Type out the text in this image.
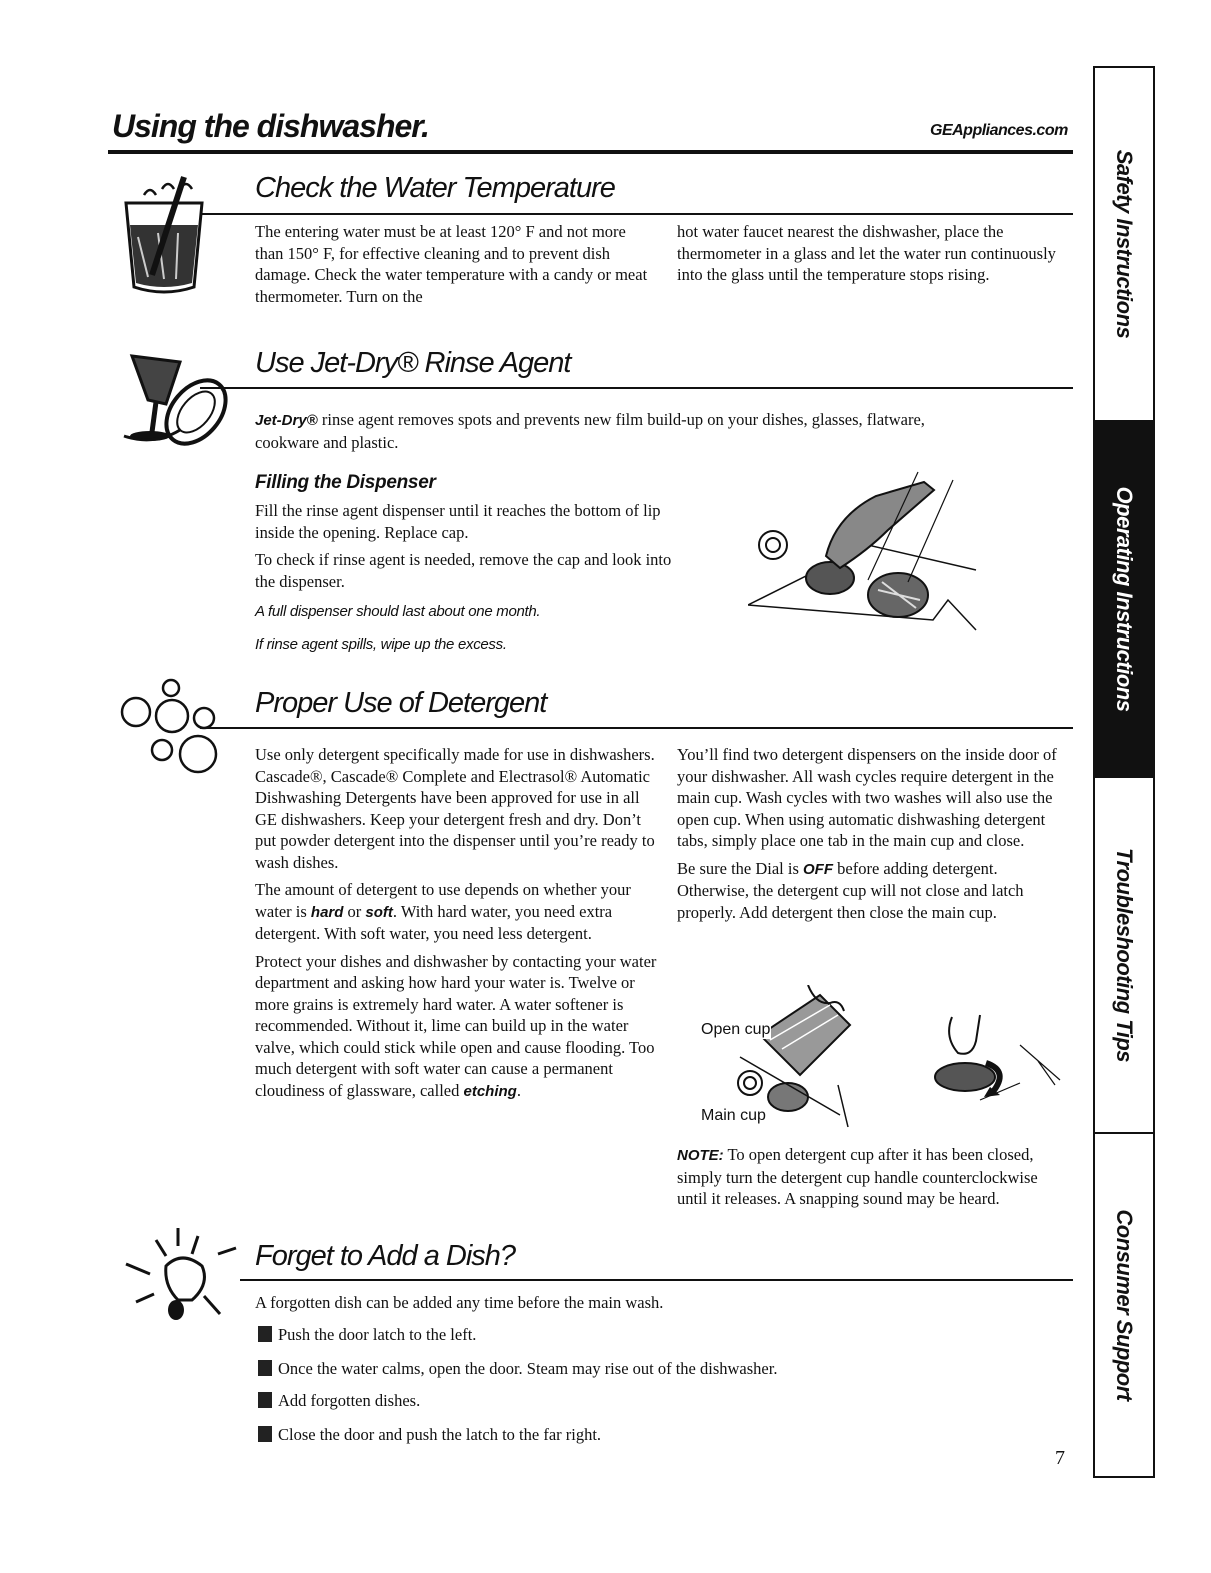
Using the dishwasher.	GEAppliances.com
Check the Water Temperature
The entering water must be at least 120° F and not more than 150° F, for effective cleaning and to prevent dish damage. Check the water temperature with a candy or meat thermometer. Turn on the
hot water faucet nearest the dishwasher, place the thermometer in a glass and let the water run continuously into the glass until the temperature stops rising.
Use Jet-Dry® Rinse Agent
Jet-Dry® rinse agent removes spots and prevents new film build-up on your dishes, glasses, flatware, cookware and plastic.
Filling the Dispenser

Fill the rinse agent dispenser until it reaches the bottom of lip inside the opening. Replace cap.

To check if rinse agent is needed, remove the cap and look into the dispenser.

A full dispenser should last about one month.
If rinse agent spills, wipe up the excess.
Proper Use of Detergent

Use only detergent specifically made for use in dishwashers. Cascade®, Cascade® Complete and Electrasol® Automatic Dishwashing Detergents have been approved for use in all GE dishwashers. Keep your detergent fresh and dry. Don’t put powder detergent into the dispenser until you’re ready to wash dishes.

The amount of detergent to use depends on whether your water is hard or soft. With hard water, you need extra detergent. With soft water, you need less detergent.

Protect your dishes and dishwasher by contacting your water department and asking how hard your water is. Twelve or more grains is extremely hard water. A water softener is recommended. Without it, lime can build up in the water valve, which could stick while open and cause flooding. Too much detergent with soft water can cause a permanent cloudiness of glassware, called etching.

You’ll find two detergent dispensers on the inside door of your dishwasher. All wash cycles require detergent in the main cup. Wash cycles with two washes will also use the open cup. When using automatic dishwashing detergent tabs, simply place one tab in the main cup and close.

Be sure the Dial is OFF before adding detergent. Otherwise, the detergent cup will not close and latch properly. Add detergent then close the main cup.

Open cup
Main cup
NOTE: To open detergent cup after it has been closed, simply turn the detergent cup handle counterclockwise until it releases. A snapping sound may be heard.
Forget to Add a Dish?
A forgotten dish can be added any time before the main wash.
Push the door latch to the left.
Once the water calms, open the door. Steam may rise out of the dishwasher.
Add forgotten dishes.
Close the door and push the latch to the far right.
7
Safety Instructions
Operating Instructions
Troubleshooting Tips
Consumer Support
